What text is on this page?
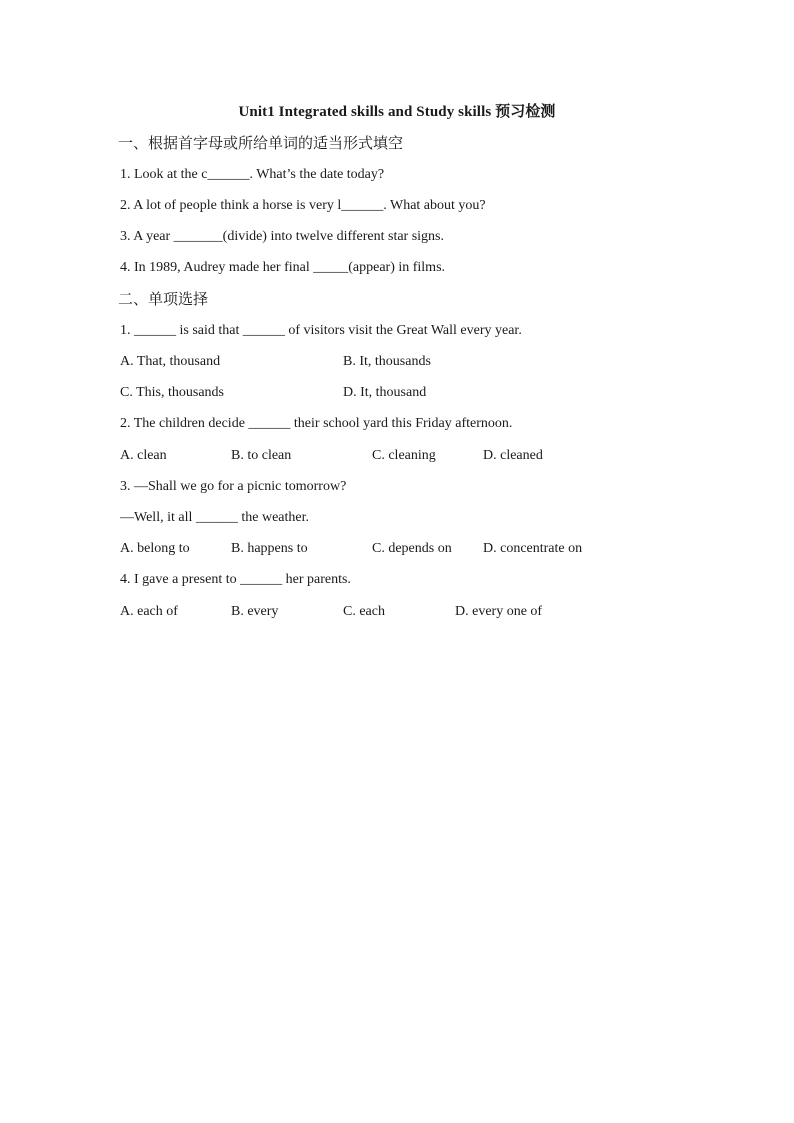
Unit1 Integrated skills and Study skills 预习检测
一、根据首字母或所给单词的适当形式填空
1. Look at the c______. What’s the date today?
2. A lot of people think a horse is very l______. What about you?
3. A year _______(divide) into twelve different star signs.
4. In 1989, Audrey made her final _____(appear) in films.
二、单项选择
1. ______ is said that ______ of visitors visit the Great Wall every year.
A. That, thousand	B. It, thousands
C. This, thousands	D. It, thousand
2. The children decide ______ their school yard this Friday afternoon.
A. clean	B. to clean	C. cleaning	D. cleaned
3. —Shall we go for a picnic tomorrow?
—Well, it all ______ the weather.
A. belong to	B. happens to	C. depends on D. concentrate on
4. I gave a present to ______ her parents.
A. each of	B. every	C. each	D. every one of
